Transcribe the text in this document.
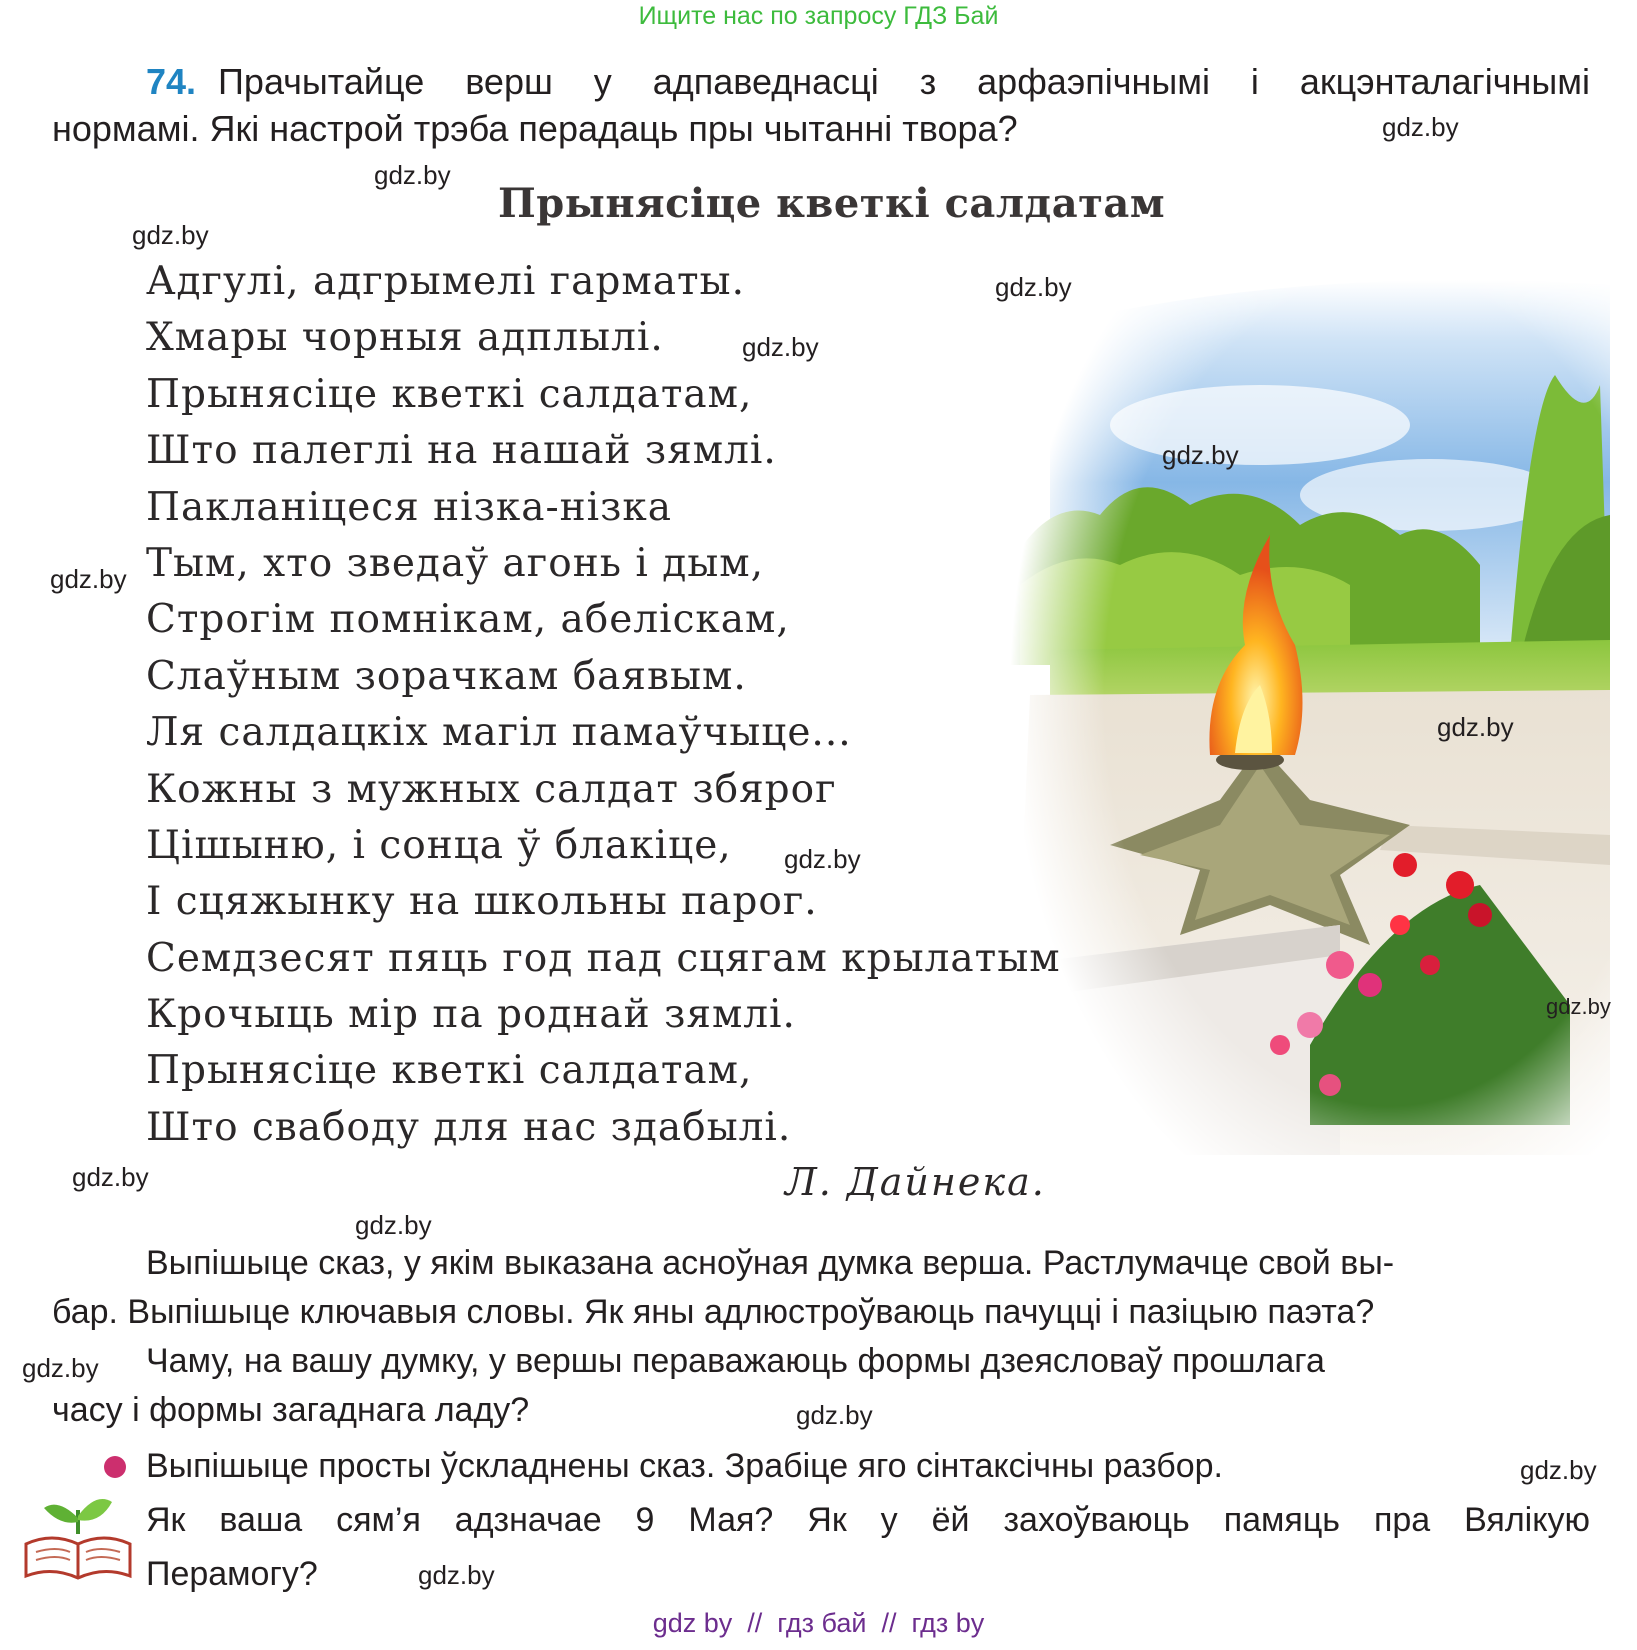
Ищите нас по запросу ГДЗ Бай
74. Прачытайце верш у адпаведнасці з арфаэпічнымі і акцэнталагічнымі
нормамі. Які настрой трэба перадаць пры чытанні твора?
Прынясіце кветкі салдатам
Адгулі, адгрымелі гарматы.
Хмары чорныя адплылі.
Прынясіце кветкі салдатам,
Што палеглі на нашай зямлі.
Пакланіцеся нізка-нізка
Тым, хто зведаў агонь і дым,
Строгім помнікам, абеліскам,
Слаўным зорачкам баявым.
Ля салдацкіх магіл памаўчыце...
Кожны з мужных салдат збярог
Цішыню, і сонца ў блакіце,
І сцяжынку на школьны парог.
Семдзесят пяць год пад сцягам крылатым
Крочыць мір па роднай зямлі.
Прынясіце кветкі салдатам,
Што свабоду для нас здабылі.
Л. Дайнека.
Выпішыце сказ, у якім выказана асноўная думка верша. Растлумачце свой вы-
бар. Выпішыце ключавыя словы. Як яны адлюстроўваюць пачуцці і пазіцыю паэта?
Чаму, на вашу думку, у вершы пераважаюць формы дзеясловаў прошлага
часу і формы загаднага ладу?
Выпішыце просты ўскладнены сказ. Зрабіце яго сінтаксічны разбор.
Як ваша сям’я адзначае 9 Мая? Як у ёй захоўваюць памяць пра Вялікую
Перамогу?
gdz.by
gdz.by
gdz.by
gdz.by
gdz.by
gdz.by
gdz.by
gdz.by
gdz.by
gdz.by
gdz.by
gdz.by
gdz.by
gdz.by
gdz.by
gdz.by
gdz by  //  гдз бай  //  гдз by
